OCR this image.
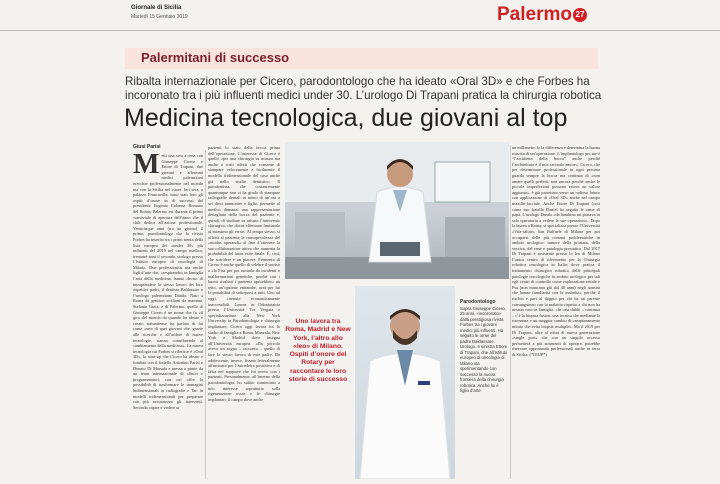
Giornale di Sicilia
Martedì 15 Gennaio 2019	Palermo 27
Palermitani di successo
Ribalta internazionale per Cicero, parodontologo che ha ideato «Oral 3D» e che Forbes ha incoronato tra i più influenti medici under 30. L’urologo Di Trapani pratica la chirurgia robotica
Medicina tecnologica, due giovani al top
Giusi Parisi
M etti una sera a cena con Giuseppe Cicero e Ettore di Trapani, due giovani e affermati medici palermitani orecchie professionalmente nel mondo ma con la Sicilia nel cuore. Ieri sera, a palazzo Francavilla, sono stati loro gli ospiti d’onore in di successi del presidente Eugenio Colonna Romano del Rotary Palermo est durante il prima conviviale di apertura dell’anno che il club dedica all’azione professionale. Venticinque anni (tra un giorno) il primo, parodontologo che la rivista Forbes ha inserito tra i primi trenta della lista europea dei «under 30» più influenti del 2019 nel campo medico; trentatré anni il secondo, urologo presso l’Istituto europeo di oncologia di Milano. Due professionisti ma anche figli d’arte che, «respirando» in famiglia l’aria della medicina, hanno deciso di intraprendere lo stesso lavoro dei loro rispettivi padri, il dentista Baldassare e l’urologo palermitano Danilo. Nato a Roma da genitori siciliani da mamma, Stefania Gioia, e di Palermo, quello di Giuseppe Cicero è un nome che fa «il giro del mondo da quando ha ideato e creato statunitense ha parlato di lui come «uno di quei giovani che, grazie alle ricerche e all’ardore di nuove tecnologie, stanno contribuendo al cambiamento della medicina». La nuova tecnologia cui Forbes si riferisce è «Oral 3D», la start-up che Cicero ha ideato e fondato con il fratello Antonino Parisi e Donato Di Marsala e messa a punto da un team internazionale di clinici e programmatori; con cui offre la possibilità di trasformare le immagini bidimensionali in radiografie e Tac in modelli tridimensionali per preparare con più accuratezza gli interventi. Secondo capire e vedere ai
pazienti lo stato della bocca prima dell’operazione. L’interesse di Cicero è quello «per una chirurgia su misura ma anche a costi ridotti che consente di stampare velocemente e facilmente il modello tridimensionale del caso anche già nello studio dentistico. Il parodontista, che costantemente quantunque non ci ha giudo di stampare radiografie dentali in meno di un’ora a sei dieci ammonire e figlio, permette al medico dinnanzi una rappresentazione dettagliata della bocca del paziente e, quindi, di studiare su misura l’intervento chirurgico che dovrà effettuare limitando al massimo gli errori. Al tempo stesso, si offrirà al paziente la consapevolezza del «modus operandi» al fine d’ottenere la sua collaborazione attiva che aumenta la probabilità del buon esito finale. È, così, che sorridere e un piacere. Fermento di Cicero è anche quello di celebre il sorriso a «la Pisa per poi ruotarla da incidenti o malformazioni genetiche, perché con i buoni risultati i pazienti aprirebbero un tetto, un’opzione entrambe, avrà per lui la possibilità di sottoporsi a tutti. Uno ad oggi, ritenute economicamente inaccessibili. Laurea in Odontoiatria presso l’Università Tor Vergata e specializzazione alla New York University in Parodontologia e chirurgia implantare, Cicero oggi lavora tra lo studio di famiglia a Roma, Manzala, New York e Madrid dove insegna all’Università europea. «Da piccolo avevo un sogno – racconta – quello di fare lo stesso lavoro di mio padre. Da adolescente, invece, fissato letteralmente affascinato per l’astrodeira posititiva e di falsa nel supporre che fui avevo con i pazienti. Personalmente, all’interno della parodontologia, ho subito cominciato a mio interesse soprattutto sulla rigenerazione ossea e le chirurgie implantari, il campo dove anche
Parodontologo
Sopra Giuseppe Cicero, 25 anni, «incoronato» dalla prestigiosa rivista Forbes tra i giovani medici più influenti. Ha seguito le orme del padre Baldassare. Urologo. A sinistra Ettore di Trapani, che all’Istituto europeo di oncologia di Milano sta sperimentando con successo la nuova frontiera della chirurgia robotica. Anche lui è figlio d’arte
Uno lavora tra Roma, Madrid e New York, l’altro allo «Ieo» di Milano. Ospiti d’onore del Rotary per raccontare le loro storie di successo
un millimetro fa la differenza e determina la buona riuscita di un’operazione. L’implantologo per me è “l’architetto della bocca” anche perché l’architettura è il mio secondo amore». Cicero, che per determinare professionale in ogni persona guarda sempre la bocca ma continua di «non amare quelli perfetti, non ancora perché anche le piccole imperfezioni possono essere un valore aggiunto», è già proiettato verso un radioso futuro con applicazione di «Oral 3D» anche nel campo maxillo-facciale. Anche Ettore Di Trapani (così come suo fratello Daniel ha seguito le orme di papà. L’urologo Danilo «da bambino mi portava in sala operatoria a vedere le sue operazioni». Dopo la laurea a Roma, si specializza presso l’Università «Vita-salute» San Raffaele di Milano per poi occuparsi delle più comuni problematiche in ambito urologico: tumore della prostata, della vescica, del rene e patologia prostatica. Dal 2017 Di Trapani è assistente presso lo Ieo di Milano l’unico centro di riferimento per la Chirurgia robotica oncologica in Italia: dove pratica il trattamento chirurgico robotico delle principali patologie oncologiche in ambito urologico per tali egli centri di controllo come esplorazione rettale e Psa (non mancano già dal 40 anni) negli uomini che hanno familiarità con la malattia», perché il rischio e pari al doppio per chi ha un parente consanguineo con la malattia rispetto a chi non ha nessun caso in famiglia. «In casi dubbi – continua – c’è la biopsia fusion, una tecnica che mediante la risonanza e un maggior cambio di campionamento mirato che evita biopsie multiple». Ma il 2019 per Di Trapani, oltre al robot di nuova generazione «single port» che con un singolo accesso permetterà a più strumenti di operare, potrebbe riservare opportunità professionali anche in terra di Sicilia. (*GIUP*)
